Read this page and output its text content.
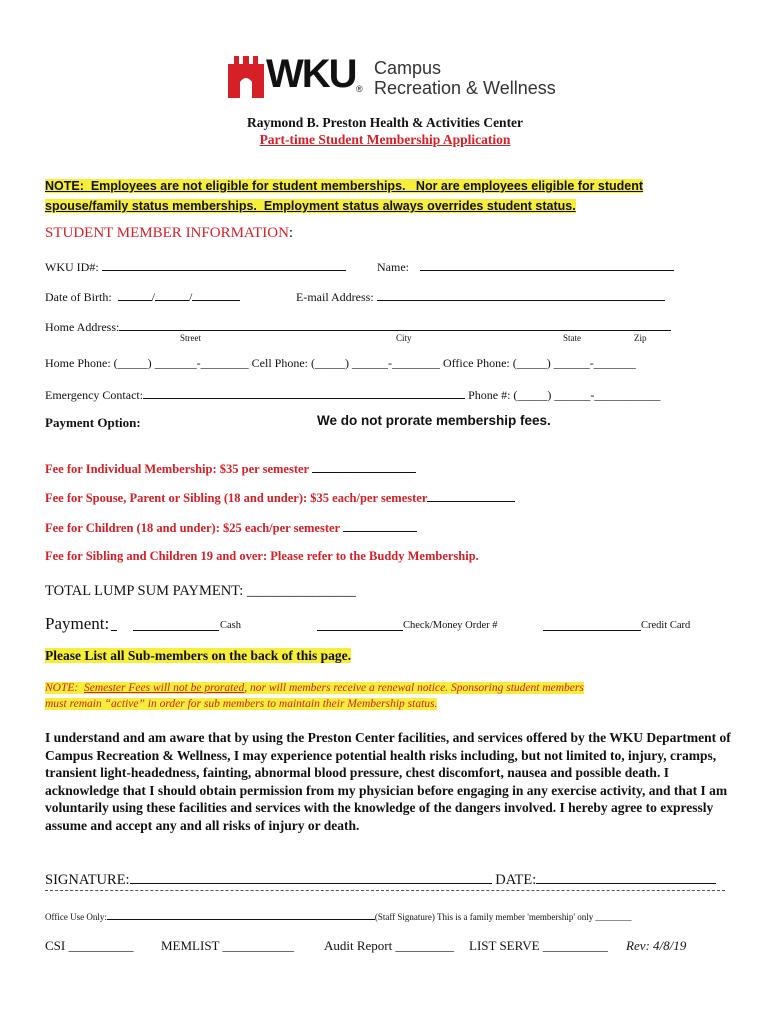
WKU ®
Campus
Recreation & Wellness
Raymond B. Preston Health & Activities Center
Part-time Student Membership Application
NOTE:  Employees are not eligible for student memberships.   Nor are employees eligible for student
spouse/family status memberships.  Employment status always overrides student status.
STUDENT MEMBER INFORMATION:
WKU ID#:	Name:
Date of Birth:	/	/	E-mail Address:
Home Address:
Street	City	State	Zip
Home Phone: (_____) _______-________ Cell Phone: (_____) ______-________ Office Phone: (_____) ______-_______
Emergency Contact:	Phone #: (_____) ______-___________
Payment Option:	We do not prorate membership fees.
Fee for Individual Membership: $35 per semester
Fee for Spouse, Parent or Sibling (18 and under): $35 each/per semester
Fee for Children (18 and under): $25 each/per semester
Fee for Sibling and Children 19 and over: Please refer to the Buddy Membership.
TOTAL LUMP SUM PAYMENT: _______________
Payment:	Cash	Check/Money Order #	Credit Card
Please List all Sub-members on the back of this page.
NOTE:  Semester Fees will not be prorated, nor will members receive a renewal notice. Sponsoring student members
must remain “active” in order for sub members to maintain their Membership status.
I understand and am aware that by using the Preston Center facilities, and services offered by the WKU Department of Campus Recreation & Wellness, I may experience potential health risks including, but not limited to, injury, cramps, transient light-headedness, fainting, abnormal blood pressure, chest discomfort, nausea and possible death. I acknowledge that I should obtain permission from my physician before engaging in any exercise activity, and that I am voluntarily using these facilities and services with the knowledge of the dangers involved. I hereby agree to expressly assume and accept any and all risks of injury or death.
SIGNATURE:	DATE:
Office Use Only:	(Staff Signature) This is a family member 'membership' only ________
CSI __________ MEMLIST ___________ Audit Report _________ LIST SERVE __________ Rev: 4/8/19
